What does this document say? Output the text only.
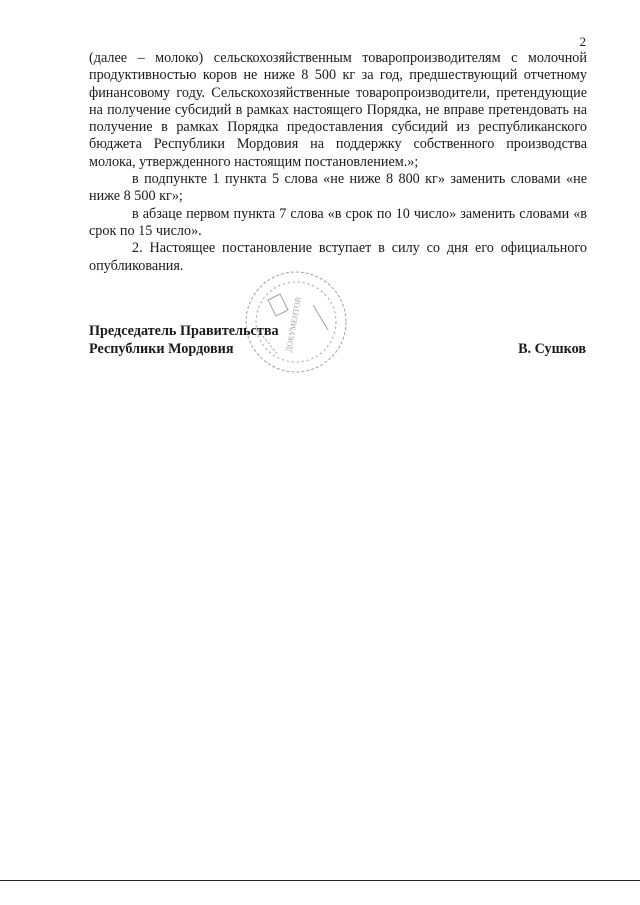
2

(далее – молоко) сельскохозяйственным товаропроизводителям с молочной продуктивностью коров не ниже 8 500 кг за год, предшествующий отчетному финансовому году. Сельскохозяйственные товаропроизводители, претендующие на получение субсидий в рамках настоящего Порядка, не вправе претендовать на получение в рамках Порядка предоставления субсидий из республиканского бюджета Республики Мордовия на поддержку собственного производства молока, утвержденного настоящим постановлением.»;

в подпункте 1 пункта 5 слова «не ниже 8 800 кг» заменить словами «не ниже 8 500 кг»;

в абзаце первом пункта 7 слова «в срок по 10 число» заменить словами «в срок по 15 число».

2. Настоящее постановление вступает в силу со дня его официального опубликования.

ДОКУМЕНТОВ
Председатель Правительства
Республики Мордовия	В. Сушков
